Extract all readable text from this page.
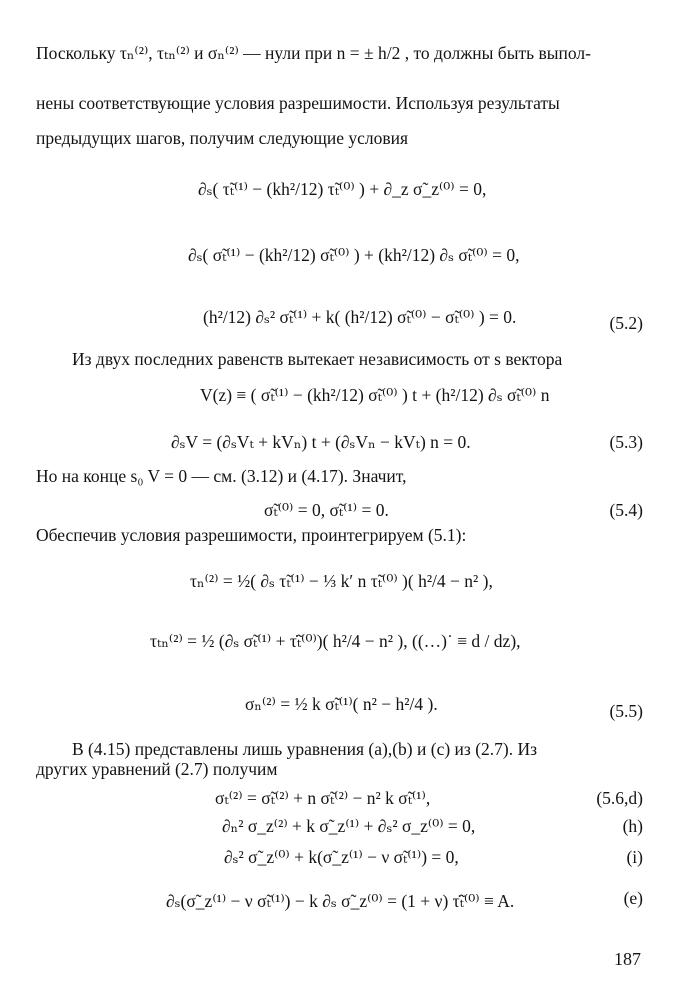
Поскольку τₙ⁽²⁾, τₜₙ⁽²⁾ и σₙ⁽²⁾ — нули при n = ± h/2 , то должны быть выпол-
нены соответствующие условия разрешимости. Используя результаты
предыдущих шагов, получим следующие условия
∂ₛ( τ̃ₜ⁽¹⁾ − (kh²/12) τ̃ₜ⁽⁰⁾ ) + ∂_z σ̃_z⁽⁰⁾ = 0,
∂ₛ( σ̃ₜ⁽¹⁾ − (kh²/12) σ̃ₜ⁽⁰⁾ ) + (kh²/12) ∂ₛ σ̃ₜ⁽⁰⁾ = 0,
(h²/12) ∂ₛ² σ̃ₜ⁽¹⁾ + k( (h²/12) σ̃ₜ⁽⁰⁾ − σ̃ₜ⁽⁰⁾ ) = 0.	(5.2)
Из двух последних равенств вытекает независимость от s вектора
V(z) ≡ ( σ̃ₜ⁽¹⁾ − (kh²/12) σ̃ₜ⁽⁰⁾ ) t + (h²/12) ∂ₛ σ̃ₜ⁽⁰⁾ n
∂ₛV = (∂ₛVₜ + kVₙ) t + (∂ₛVₙ − kVₜ) n = 0.	(5.3)
Но на конце s₀ V = 0 — см. (3.12) и (4.17). Значит,
σ̃ₜ⁽⁰⁾ = 0, σ̃ₜ⁽¹⁾ = 0.	(5.4)
Обеспечив условия разрешимости, проинтегрируем (5.1):
τₙ⁽²⁾ = ½( ∂ₛ τ̃ₜ⁽¹⁾ − ⅓ k′ n τ̃ₜ⁽⁰⁾ )( h²/4 − n² ),
τₜₙ⁽²⁾ = ½ (∂ₛ σ̃ₜ⁽¹⁾ + τ̃̇ₜ⁽⁰⁾)( h²/4 − n² ), ((…)˙ ≡ d / dz),
σₙ⁽²⁾ = ½ k σ̃ₜ⁽¹⁾( n² − h²/4 ).	(5.5)
В (4.15) представлены лишь уравнения (a),(b) и (c) из (2.7). Из
других уравнений (2.7) получим
σₜ⁽²⁾ = σ̃ₜ⁽²⁾ + n σ̃ₜ⁽²⁾ − n² k σ̃ₜ⁽¹⁾,	(5.6,d)
∂ₙ² σ_z⁽²⁾ + k σ̃_z⁽¹⁾ + ∂ₛ² σ_z⁽⁰⁾ = 0,	(h)
∂ₛ² σ̃_z⁽⁰⁾ + k(σ̃_z⁽¹⁾ − ν σ̃ₜ⁽¹⁾) = 0,	(i)
∂ₛ(σ̃_z⁽¹⁾ − ν σ̃ₜ⁽¹⁾) − k ∂ₛ σ̃_z⁽⁰⁾ = (1 + ν) τ̃̇ₜ⁽⁰⁾ ≡ A.	(e)
187
